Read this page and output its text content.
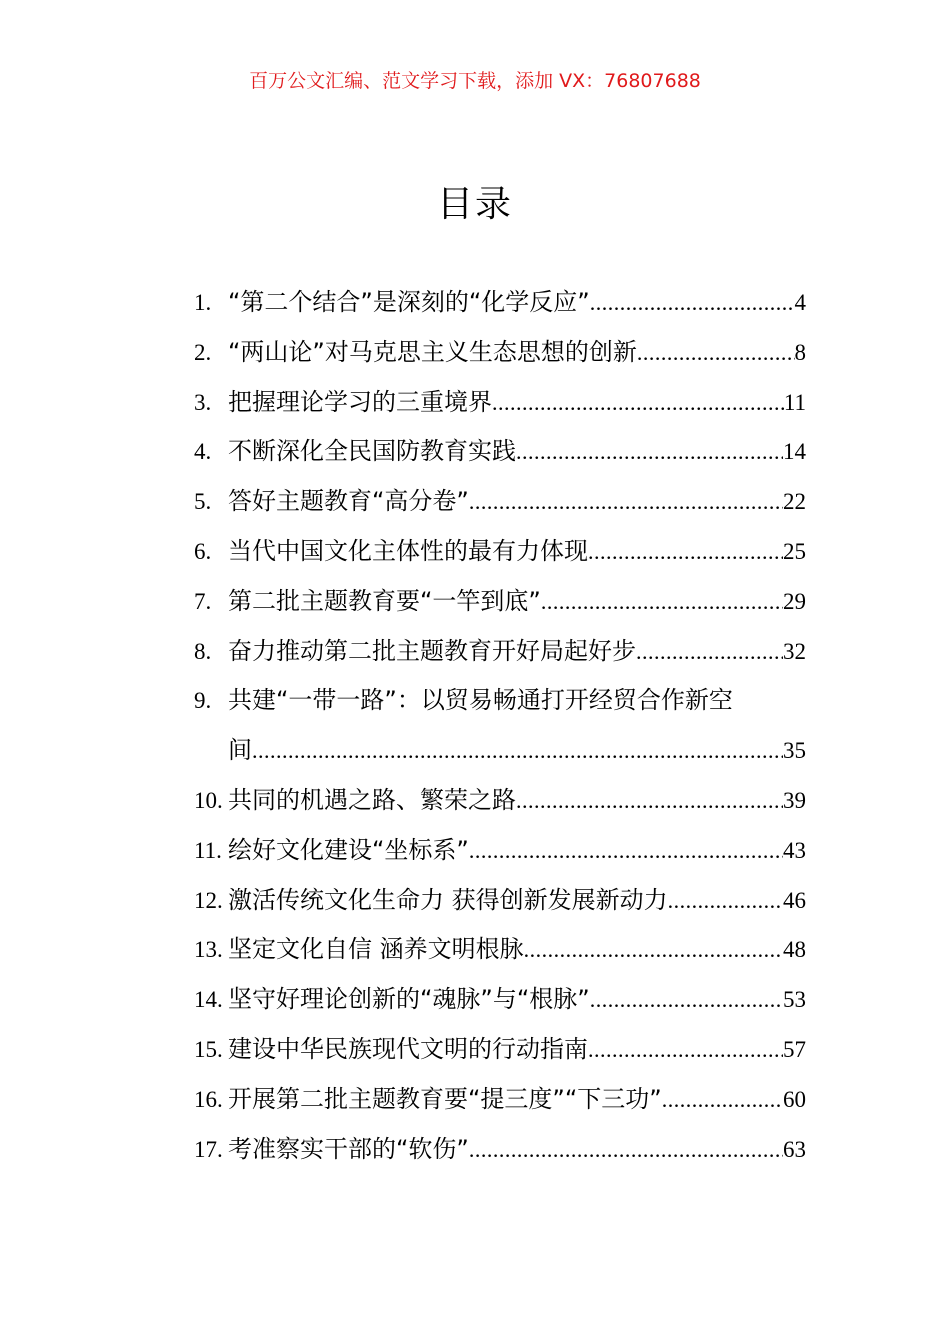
百万公文汇编、范文学习下载，添加 VX：76807688
目录
1. “第二个结合”是深刻的“化学反应” .....	4
2. “两山论”对马克思主义生态思想的创新 .....	8
3. 把握理论学习的三重境界 .....	11
4. 不断深化全民国防教育实践 .....	14
5. 答好主题教育“高分卷” .....	22
6. 当代中国文化主体性的最有力体现 .....	25
7. 第二批主题教育要“一竿到底” .....	29
8. 奋力推动第二批主题教育开好局起好步 .....	32
9. 共建“一带一路”：以贸易畅通打开经贸合作新空
间 .....	35
10. 共同的机遇之路、繁荣之路 .....	39
11. 绘好文化建设“坐标系” .....	43
12. 激活传统文化生命力 获得创新发展新动力 .....	46
13. 坚定文化自信 涵养文明根脉 .....	48
14. 坚守好理论创新的“魂脉”与“根脉” .....	53
15. 建设中华民族现代文明的行动指南 .....	57
16. 开展第二批主题教育要“提三度”“下三功” .....	60
17. 考准察实干部的“软伤” .....	63
